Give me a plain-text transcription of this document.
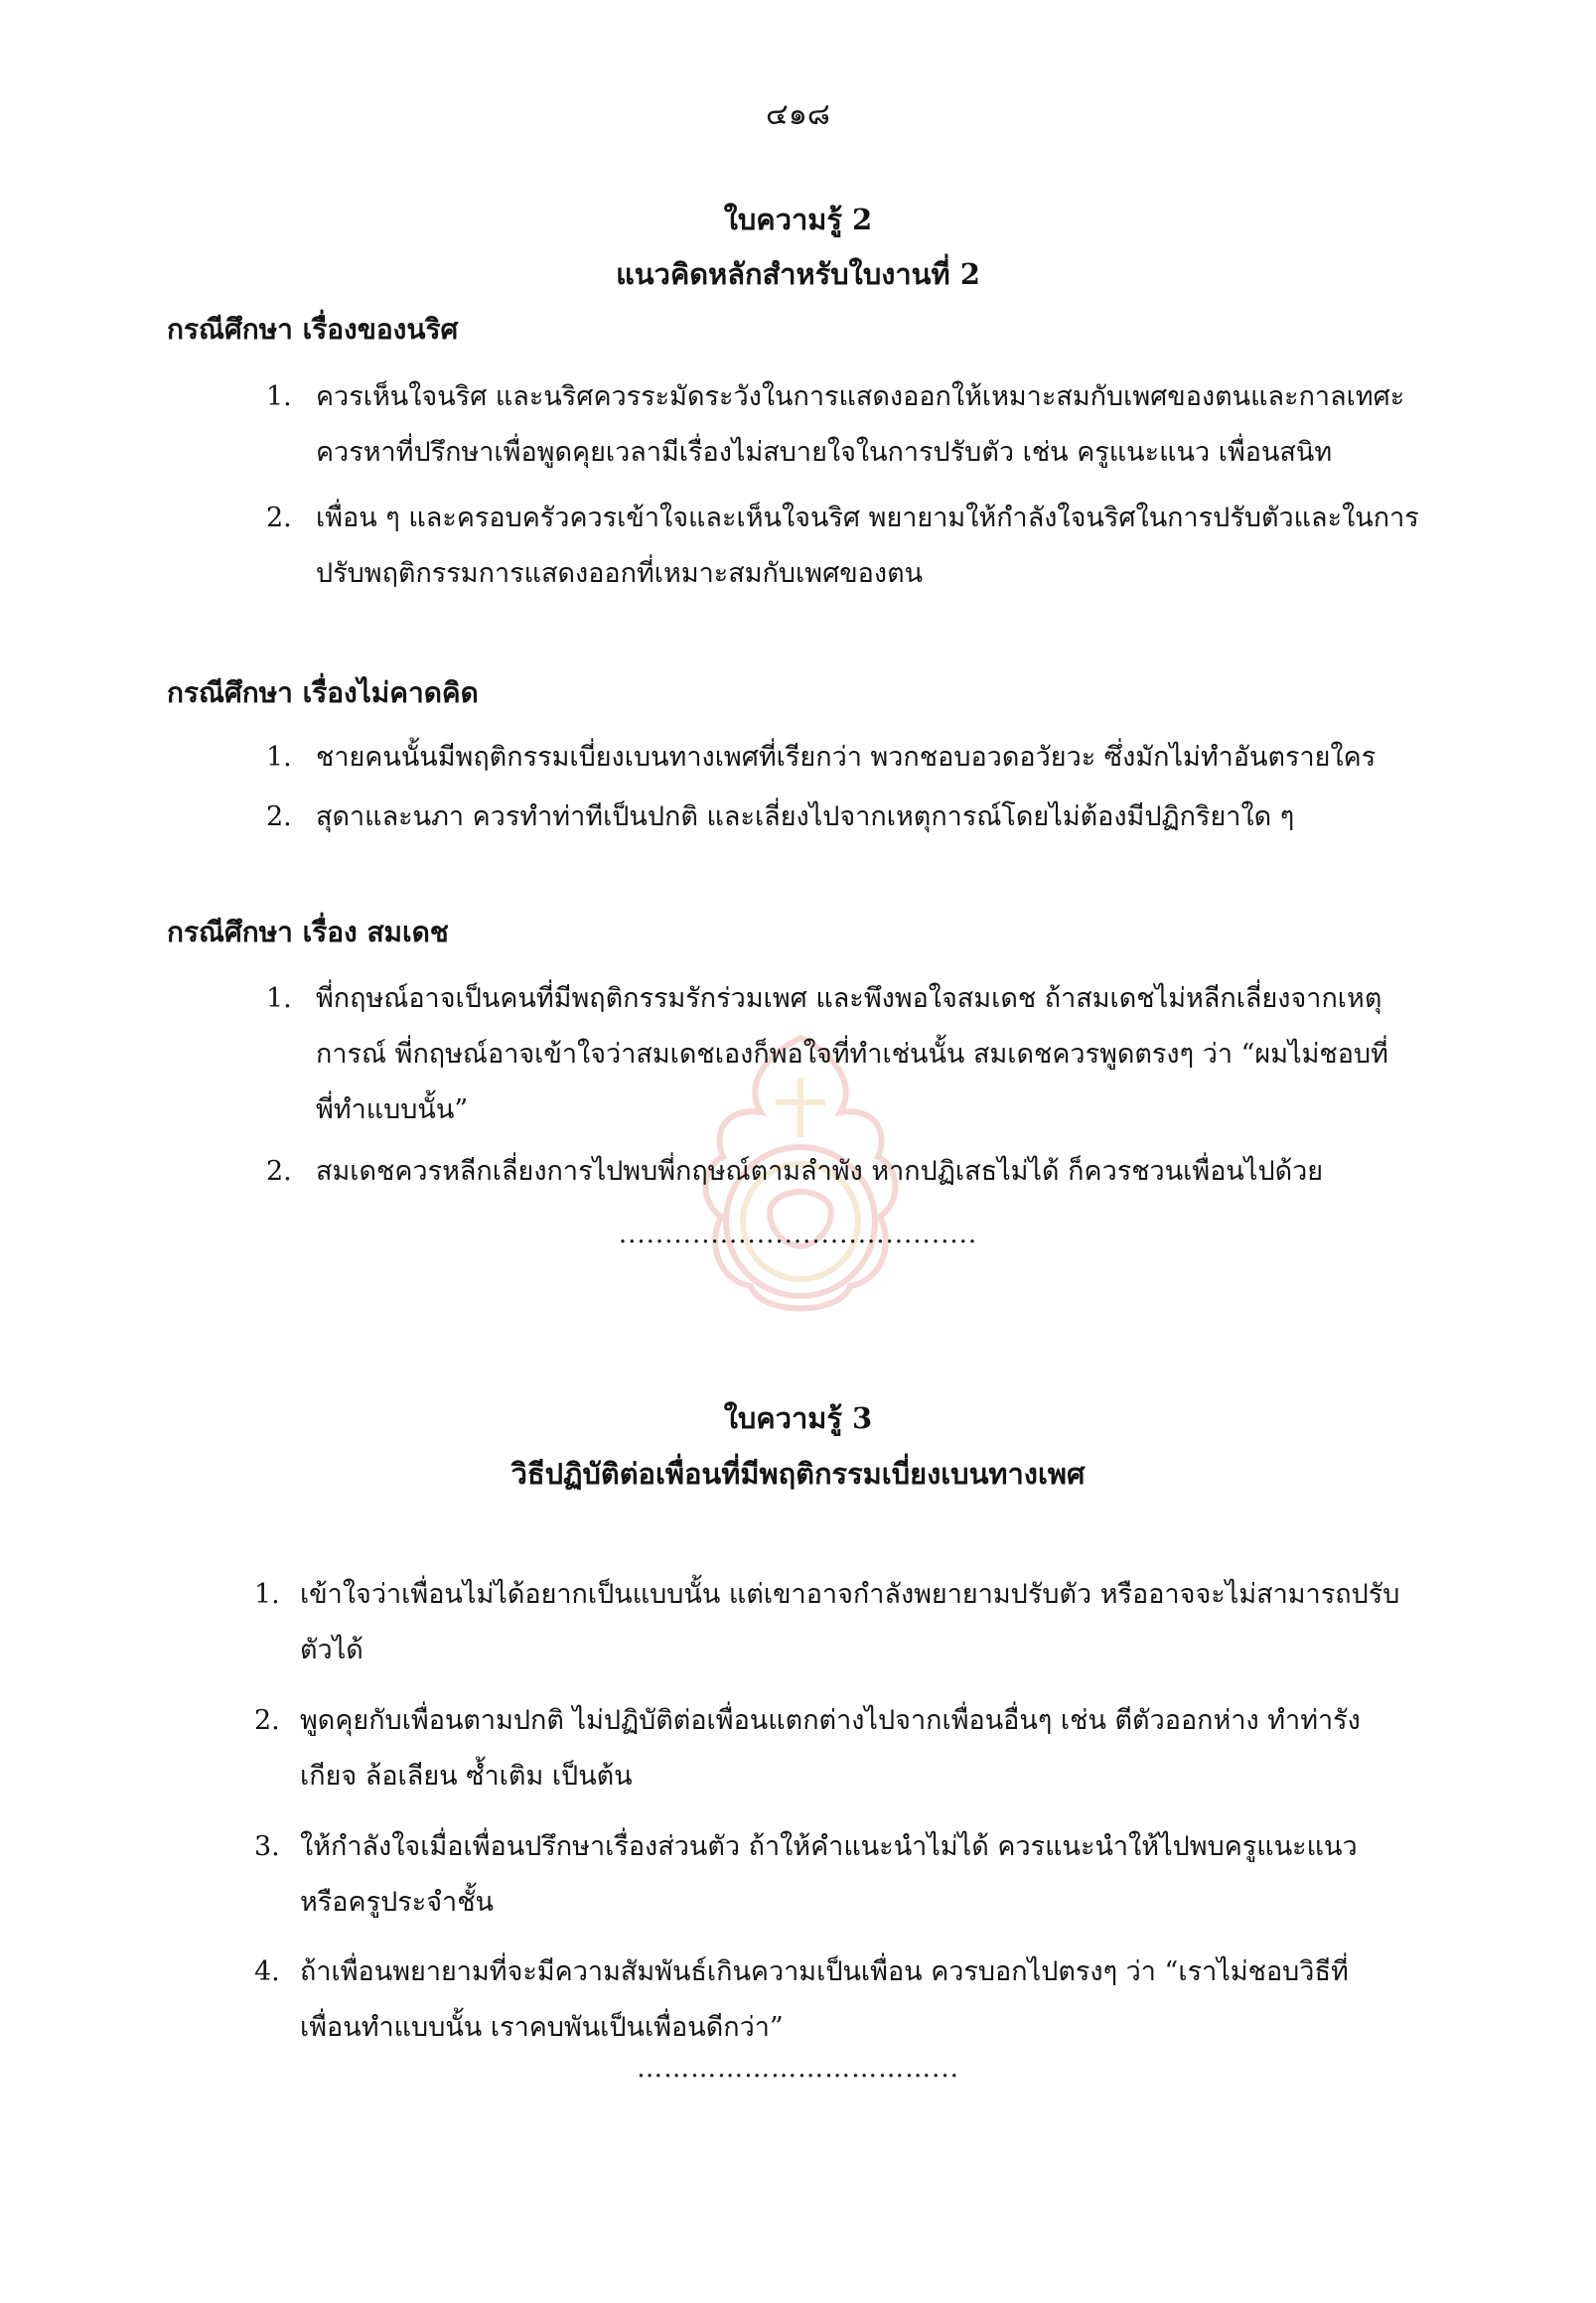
๔๑๘
ใบความรู้ 2
แนวคิดหลักสำหรับใบงานที่ 2
กรณีศึกษา เรื่องของนริศ
1. ควรเห็นใจนริศ และนริศควรระมัดระวังในการแสดงออกให้เหมาะสมกับเพศของตนและกาลเทศะ
ควรหาที่ปรึกษาเพื่อพูดคุยเวลามีเรื่องไม่สบายใจในการปรับตัว เช่น ครูแนะแนว เพื่อนสนิท
2. เพื่อน ๆ และครอบครัวควรเข้าใจและเห็นใจนริศ พยายามให้กำลังใจนริศในการปรับตัวและในการ
ปรับพฤติกรรมการแสดงออกที่เหมาะสมกับเพศของตน
กรณีศึกษา เรื่องไม่คาดคิด
1. ชายคนนั้นมีพฤติกรรมเบี่ยงเบนทางเพศที่เรียกว่า พวกชอบอวดอวัยวะ ซึ่งมักไม่ทำอันตรายใคร
2. สุดาและนภา ควรทำท่าทีเป็นปกติ และเลี่ยงไปจากเหตุการณ์โดยไม่ต้องมีปฏิกริยาใด ๆ
กรณีศึกษา เรื่อง สมเดช
1. พี่กฤษณ์อาจเป็นคนที่มีพฤติกรรมรักร่วมเพศ และพึงพอใจสมเดช ถ้าสมเดชไม่หลีกเลี่ยงจากเหตุ
การณ์ พี่กฤษณ์อาจเข้าใจว่าสมเดชเองก็พอใจที่ทำเช่นนั้น สมเดชควรพูดตรงๆ ว่า “ผมไม่ชอบที่
พี่ทำแบบนั้น”
2. สมเดชควรหลีกเลี่ยงการไปพบพี่กฤษณ์ตามลำพัง หากปฏิเสธไม่ได้ ก็ควรชวนเพื่อนไปด้วย
.......................................
ใบความรู้ 3
วิธีปฏิบัติต่อเพื่อนที่มีพฤติกรรมเบี่ยงเบนทางเพศ
1. เข้าใจว่าเพื่อนไม่ได้อยากเป็นแบบนั้น แต่เขาอาจกำลังพยายามปรับตัว หรืออาจจะไม่สามารถปรับ
ตัวได้
2. พูดคุยกับเพื่อนตามปกติ ไม่ปฏิบัติต่อเพื่อนแตกต่างไปจากเพื่อนอื่นๆ เช่น ตีตัวออกห่าง ทำท่ารัง
เกียจ ล้อเลียน ซ้ำเติม เป็นต้น
3. ให้กำลังใจเมื่อเพื่อนปรึกษาเรื่องส่วนตัว ถ้าให้คำแนะนำไม่ได้ ควรแนะนำให้ไปพบครูแนะแนว
หรือครูประจำชั้น
4. ถ้าเพื่อนพยายามที่จะมีความสัมพันธ์เกินความเป็นเพื่อน ควรบอกไปตรงๆ ว่า “เราไม่ชอบวิธีที่
เพื่อนทำแบบนั้น เราคบพันเป็นเพื่อนดีกว่า”
……………………………...
